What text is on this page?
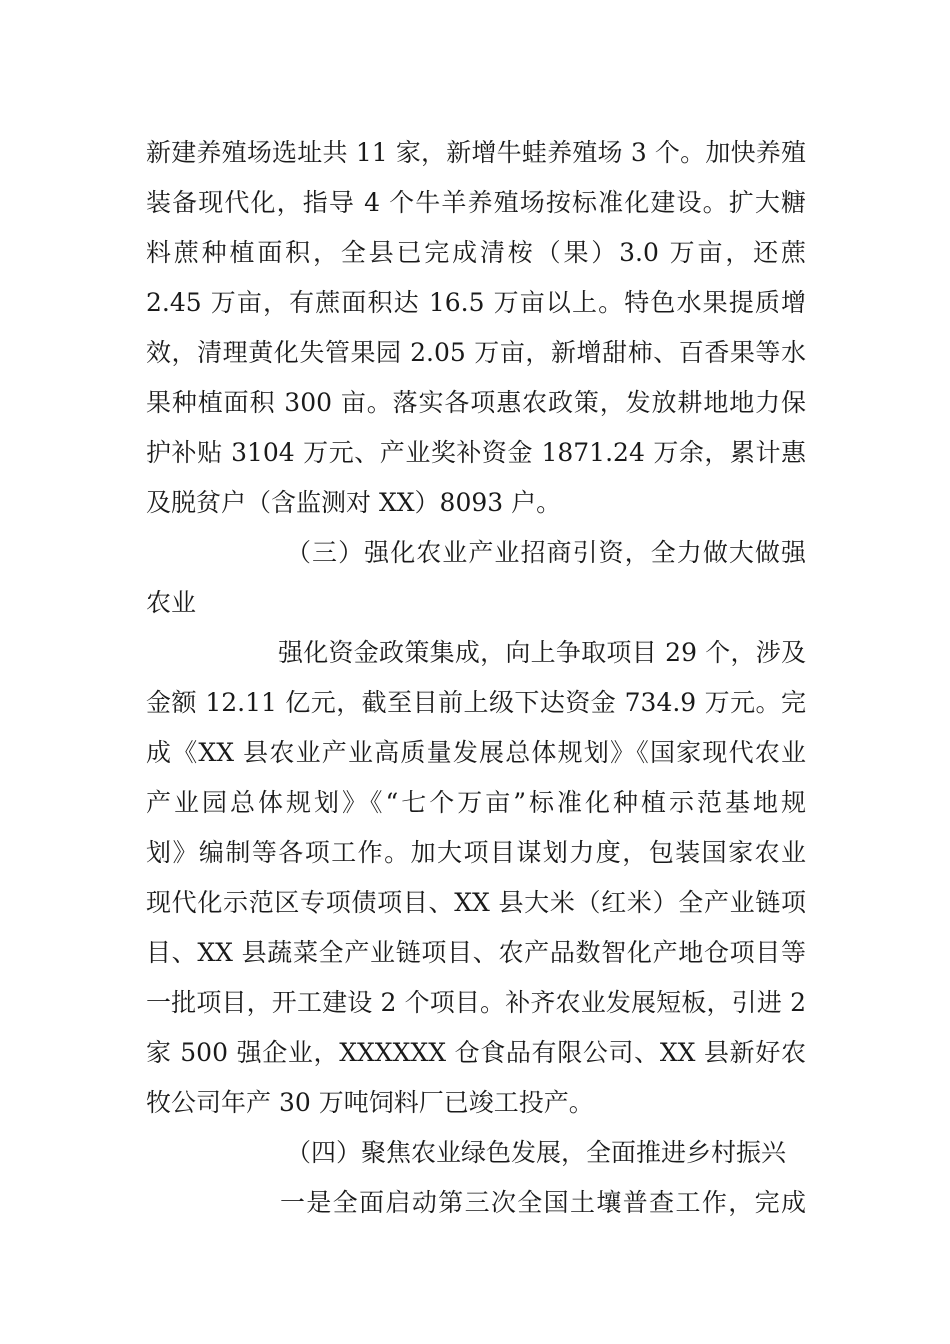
新建养殖场选址共 11 家，新增牛蛙养殖场 3 个。加快养殖
装备现代化，指导 4 个牛羊养殖场按标准化建设。扩大糖
料蔗种植面积，全县已完成清桉（果）3.0 万亩，还蔗
2.45 万亩，有蔗面积达 16.5 万亩以上。特色水果提质增
效，清理黄化失管果园 2.05 万亩，新增甜柿、百香果等水
果种植面积 300 亩。落实各项惠农政策，发放耕地地力保
护补贴 3104 万元、产业奖补资金 1871.24 万余，累计惠
及脱贫户（含监测对 XX）8093 户。
（三）强化农业产业招商引资，全力做大做强
农业
强化资金政策集成，向上争取项目 29 个，涉及
金额 12.11 亿元，截至目前上级下达资金 734.9 万元。完
成《XX 县农业产业高质量发展总体规划》《国家现代农业
产业园总体规划》《“七个万亩”标准化种植示范基地规
划》编制等各项工作。加大项目谋划力度，包装国家农业
现代化示范区专项债项目、XX 县大米（红米）全产业链项
目、XX 县蔬菜全产业链项目、农产品数智化产地仓项目等
一批项目，开工建设 2 个项目。补齐农业发展短板，引进 2
家 500 强企业，XXXXXX 仓食品有限公司、XX 县新好农
牧公司年产 30 万吨饲料厂已竣工投产。
（四）聚焦农业绿色发展，全面推进乡村振兴
一是全面启动第三次全国土壤普查工作，完成
